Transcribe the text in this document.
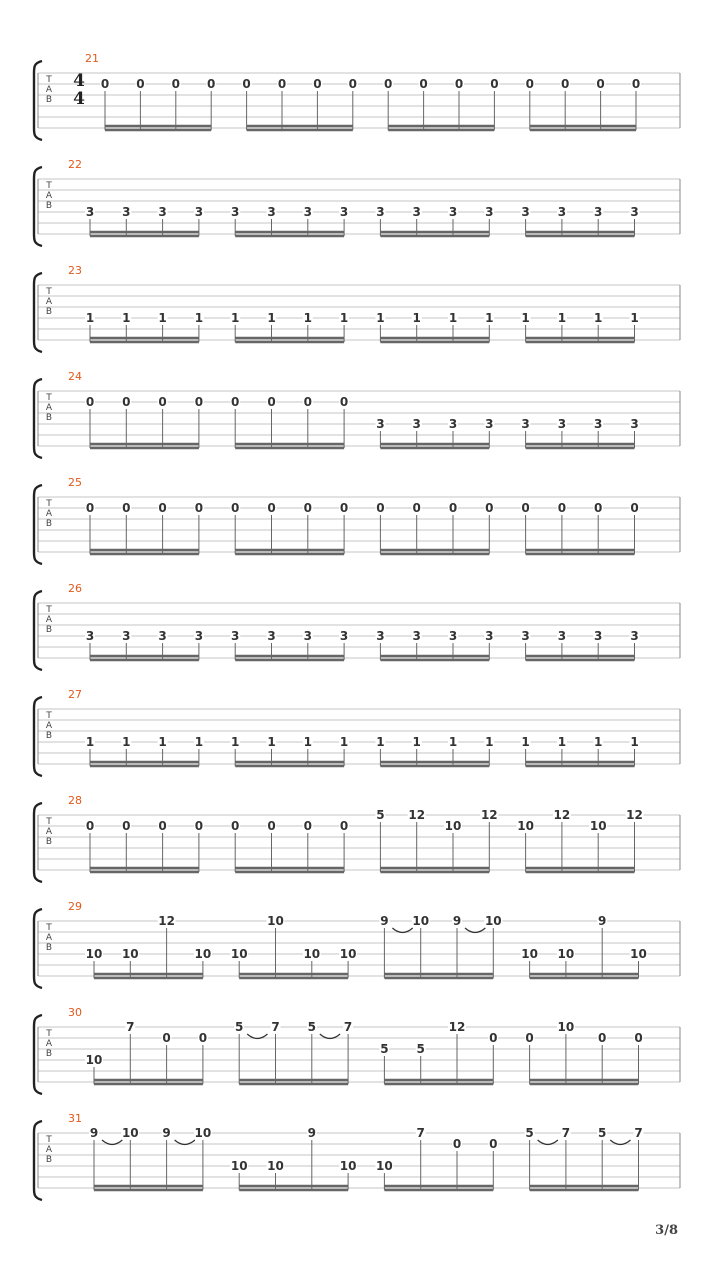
T
A
B
21
4
4
0 0 0 0 0 0 0 0 0 0 0 0 0 0 0 0
T
A
B
22
3 3 3 3 3 3 3 3 3 3 3 3 3 3 3 3
T
A
B
23
1 1 1 1 1 1 1 1 1 1 1 1 1 1 1 1
T
A
B
24
0 0 0 0 0 0 0 0
3 3 3 3 3 3 3 3
T
A
B
25
0 0 0 0 0 0 0 0 0 0 0 0 0 0 0 0
T
A
B
26
3 3 3 3 3 3 3 3 3 3 3 3 3 3 3 3
T
A
B
27
1 1 1 1 1 1 1 1 1 1 1 1 1 1 1 1
T
A
B
28
0 0 0 0 0 0 0 0
5 12
10
12
10
12
10
12
T
A
B
29
10 10
12
10 10
10
10 10
9 10 9 10
10 10
9
10
T
A
B
30
10
7
0 0
5 7 5 7
5 5
12
0 0
10
0 0
T
A
B
31
9 10 9 10
10 10
9
10 10
7
0 0
5 7 5 7
3/8
